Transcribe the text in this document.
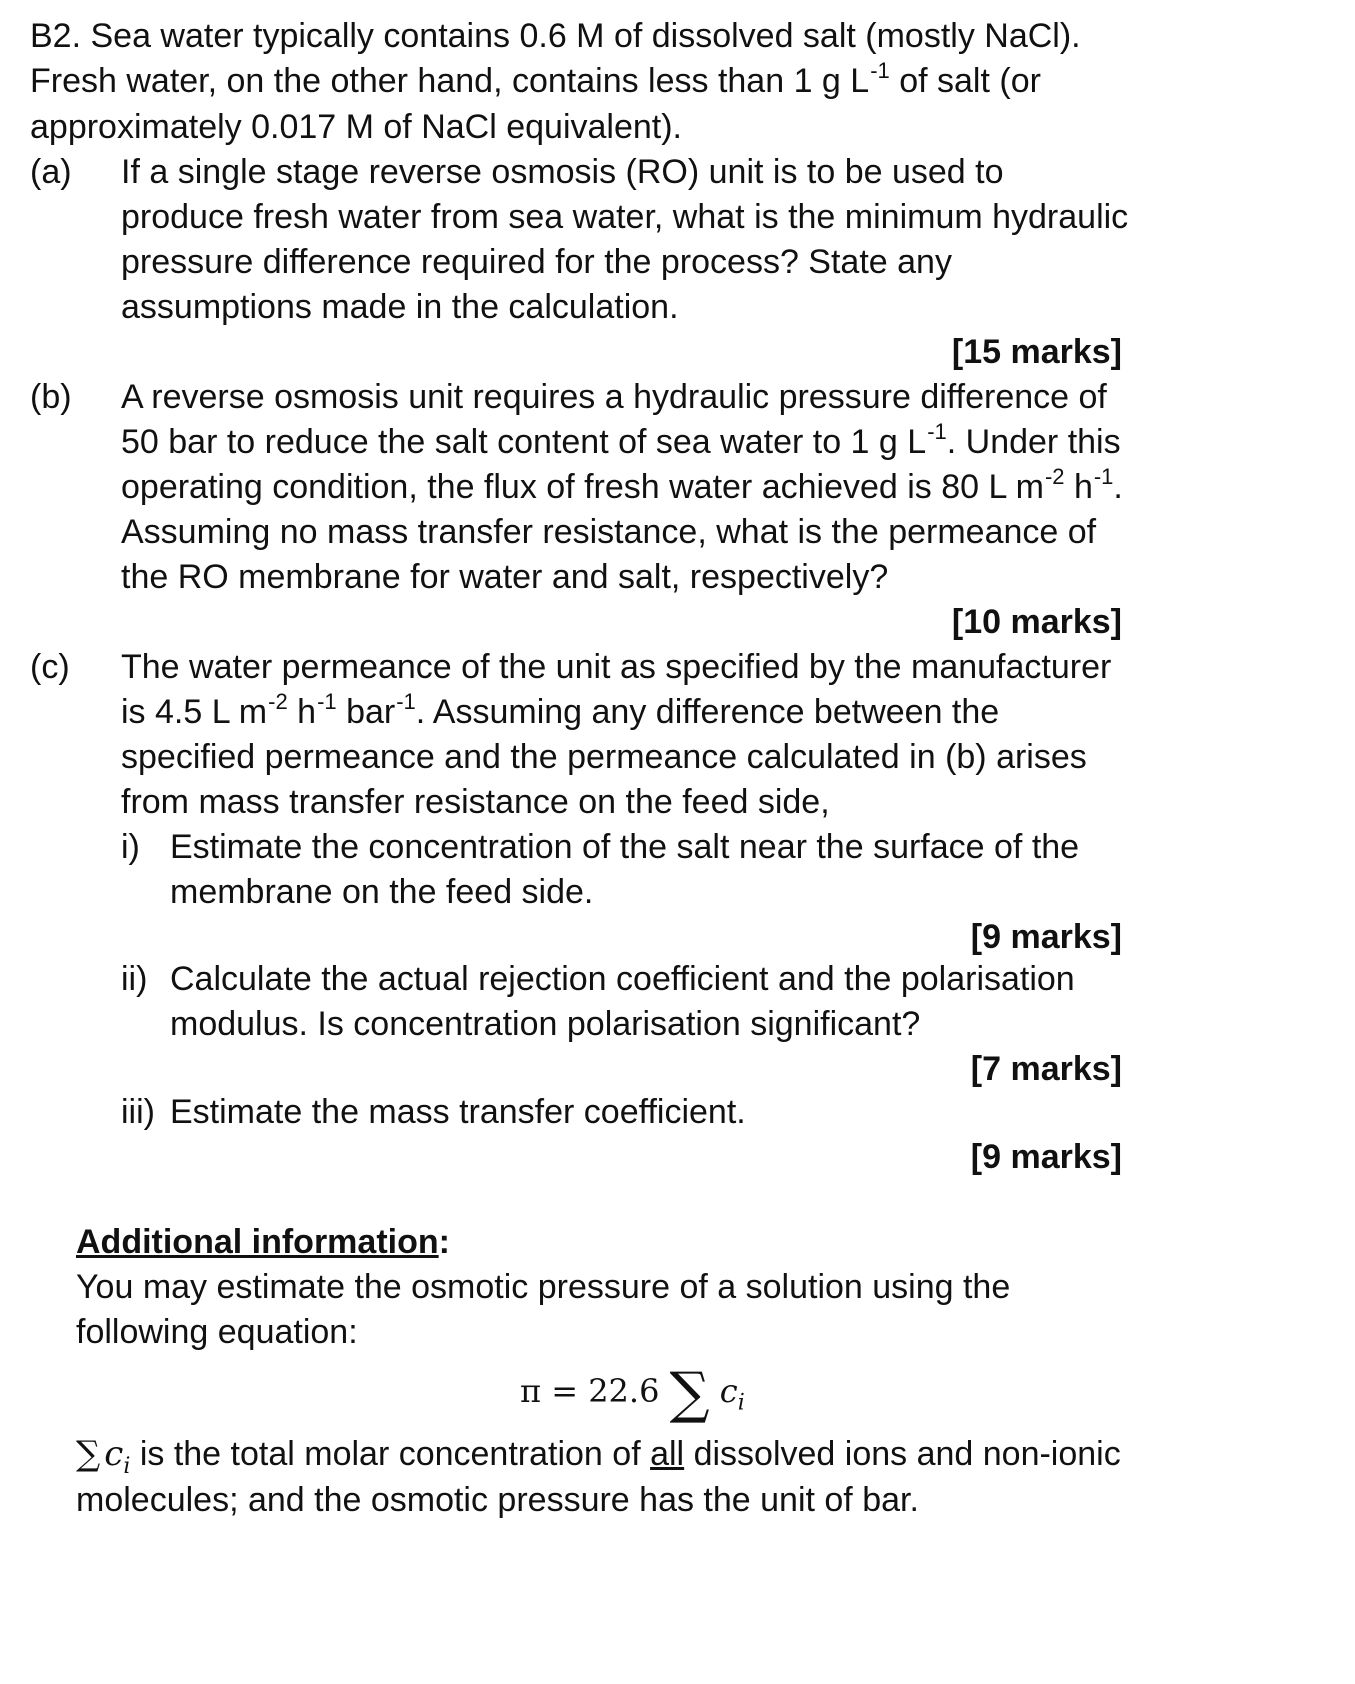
B2. Sea water typically contains 0.6 M of dissolved salt (mostly NaCl).
Fresh water, on the other hand, contains less than 1 g $L^{-1}$ of salt (or
approximately 0.017 M of NaCl equivalent).
(a) If a single stage reverse osmosis (RO) unit is to be used to
produce fresh water from sea water, what is the minimum hydraulic
pressure difference required for the process? State any
assumptions made in the calculation.
[15 marks]
(b) A reverse osmosis unit requires a hydraulic pressure difference of
50 bar to reduce the salt content of sea water to 1 g $L^{-1}$. Under this
operating condition, the flux of fresh water achieved is 80 L $m^{-2}$ $h^{-1}$.
Assuming no mass transfer resistance, what is the permeance of
the RO membrane for water and salt, respectively?
[10 marks]
(c) The water permeance of the unit as specified by the manufacturer
is 4.5 L $m^{-2}$ $h^{-1}$ bar$^{-1}$. Assuming any difference between the
specified permeance and the permeance calculated in (b) arises
from mass transfer resistance on the feed side,
i) Estimate the concentration of the salt near the surface of the
membrane on the feed side.
[9 marks]
ii) Calculate the actual rejection coefficient and the polarisation
modulus. Is concentration polarisation significant?
[7 marks]
iii) Estimate the mass transfer coefficient.
[9 marks]
Additional information:
You may estimate the osmotic pressure of a solution using the
following equation:
π = 22.6 ∑ $c_i$
∑ $c_i$ is the total molar concentration of all dissolved ions and non-ionic
molecules; and the osmotic pressure has the unit of bar.
